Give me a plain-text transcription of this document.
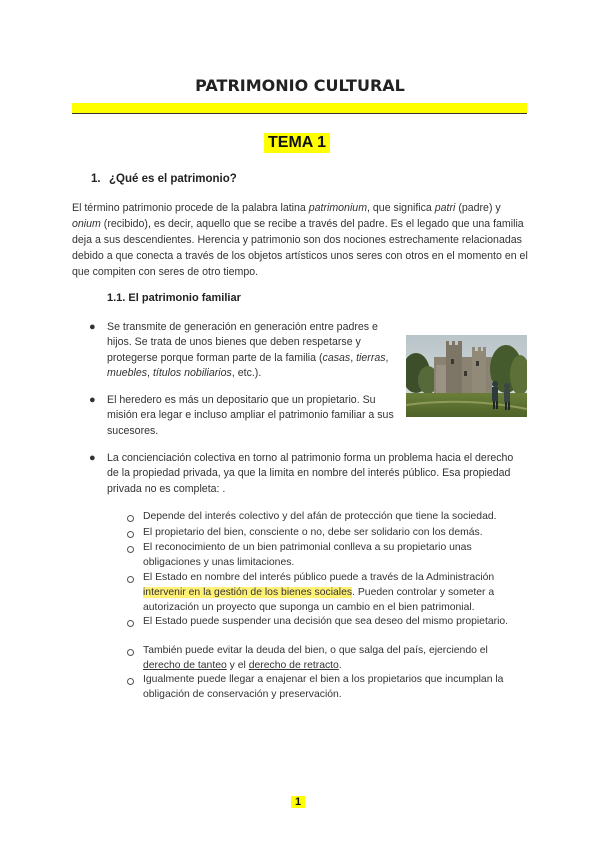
PATRIMONIO CULTURAL
TEMA 1
1. ¿Qué es el patrimonio?
El término patrimonio procede de la palabra latina patrimonium, que significa patri (padre) y onium (recibido), es decir, aquello que se recibe a través del padre. Es el legado que una familia deja a sus descendientes. Herencia y patrimonio son dos nociones estrechamente relacionadas debido a que conecta a través de los objetos artísticos unos seres con otros en el momento en el que compiten con seres de otro tiempo.
1.1. El patrimonio familiar
● Se transmite de generación en generación entre padres e hijos. Se trata de unos bienes que deben respetarse y protegerse porque forman parte de la familia (casas, tierras, muebles, títulos nobiliarios, etc.).
● El heredero es más un depositario que un propietario. Su misión era legar e incluso ampliar el patrimonio familiar a sus sucesores.
● La concienciación colectiva en torno al patrimonio forma un problema hacia el derecho de la propiedad privada, ya que la limita en nombre del interés público. Esa propiedad privada no es completa: .
Depende del interés colectivo y del afán de protección que tiene la sociedad.
El propietario del bien, consciente o no, debe ser solidario con los demás.
El reconocimiento de un bien patrimonial conlleva a su propietario unas obligaciones y unas limitaciones.
El Estado en nombre del interés público puede a través de la Administración intervenir en la gestión de los bienes sociales. Pueden controlar y someter a autorización un proyecto que suponga un cambio en el bien patrimonial.
El Estado puede suspender una decisión que sea deseo del mismo propietario.
También puede evitar la deuda del bien, o que salga del país, ejerciendo el derecho de tanteo y el derecho de retracto.
Igualmente puede llegar a enajenar el bien a los propietarios que incumplan la obligación de conservación y preservación.
1
